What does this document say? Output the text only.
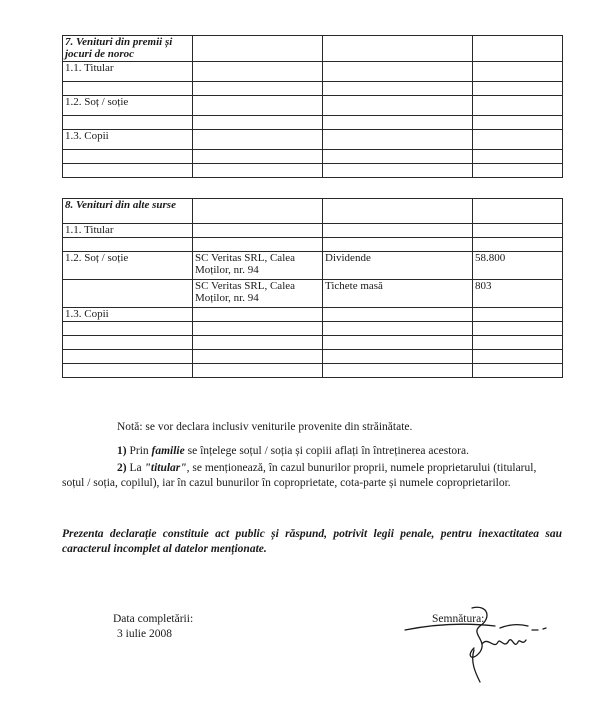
7. Venituri din premii și jocuri de noroc			
1.1. Titular			

1.2. Soț / soție			

1.3. Copii			

8. Venituri din alte surse			
1.1. Titular			

1.2. Soț / soție	SC Veritas SRL, Calea Moților, nr. 94	Dividende	58.800
	SC Veritas SRL, Calea Moților, nr. 94	Tichete masă	803
1.3. Copii			

Notă: se vor declara inclusiv veniturile provenite din străinătate.
1) Prin familie se înțelege soțul / soția și copiii aflați în întreținerea acestora.
2) La "titular", se menționează, în cazul bunurilor proprii, numele proprietarului (titularul,
soțul / soția, copilul), iar în cazul bunurilor în coproprietate, cota-parte și numele coproprietarilor.
Prezenta declarație constituie act public și răspund, potrivit legii penale, pentru inexactitatea sau caracterul incomplet al datelor menționate.
Data completării:
3 iulie 2008
Semnătura:
